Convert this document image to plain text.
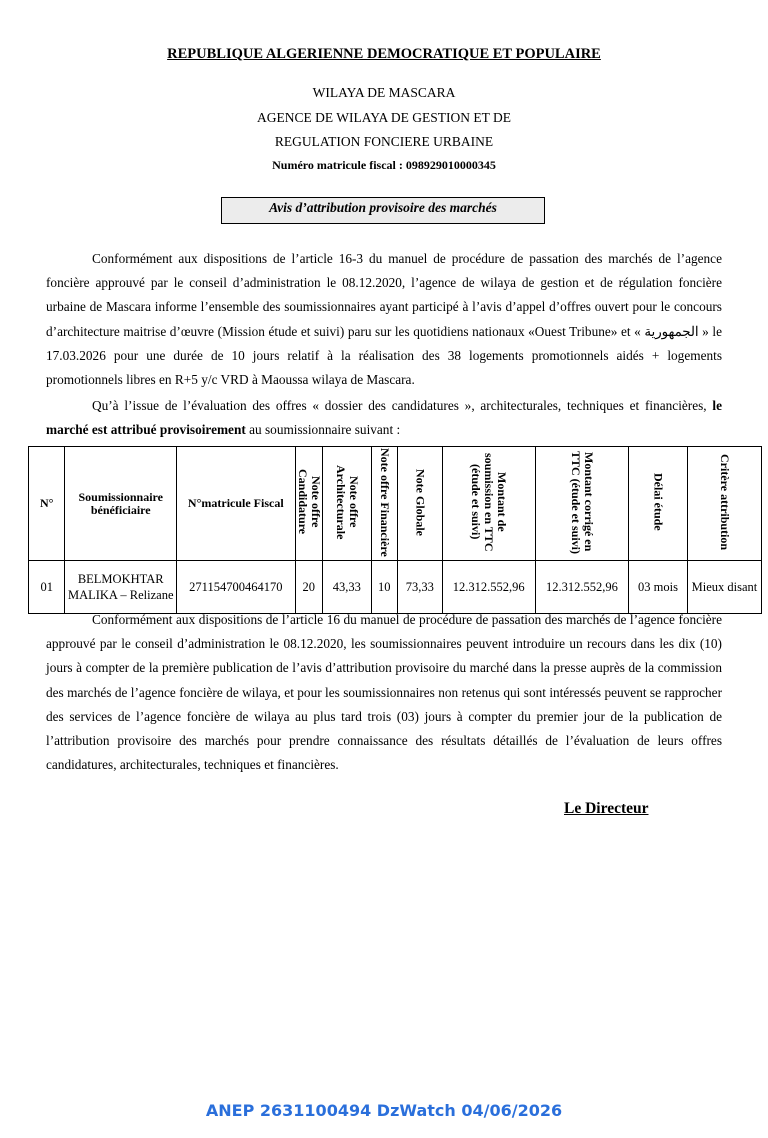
REPUBLIQUE ALGERIENNE DEMOCRATIQUE ET POPULAIRE
WILAYA DE MASCARA
AGENCE DE WILAYA DE GESTION ET DE
REGULATION FONCIERE URBAINE
Numéro matricule fiscal : 098929010000345
Avis d’attribution provisoire des marchés

Conformément aux dispositions de l’article 16-3 du manuel de procédure de passation des marchés de l’agence foncière approuvé par le conseil d’administration le 08.12.2020, l’agence de wilaya de gestion et de régulation foncière urbaine de Mascara informe l’ensemble des soumissionnaires ayant participé à l’avis d’appel d’offres ouvert pour le concours d’architecture maitrise d’œuvre (Mission étude et suivi) paru sur les quotidiens nationaux «Ouest Tribune» et « الجمهورية » le 17.03.2026 pour une durée de 10 jours relatif à la réalisation des 38 logements promotionnels aidés + logements promotionnels libres en R+5 y/c VRD à Maoussa wilaya de Mascara.

Qu’à l’issue de l’évaluation des offres « dossier des candidatures », architecturales, techniques et financières, le marché est attribué provisoirement au soumissionnaire suivant :

N°	Soumissionnaire bénéficiaire	N°matricule Fiscal	Note offre Candidature	Note offre Architecturale	Note offre Financière	Note Globale	Montant de soumission en TTC (étude et suivi)	Montant corrigé en TTC (étude et suivi)	Délai étude	Critère attribution
01	BELMOKHTAR MALIKA – Relizane	271154700464170	20	43,33	10	73,33	12.312.552,96	12.312.552,96	03 mois	Mieux disant

Conformément aux dispositions de l’article 16 du manuel de procédure de passation des marchés de l’agence foncière approuvé par le conseil d’administration le 08.12.2020, les soumissionnaires peuvent introduire un recours dans les dix (10) jours à compter de la première publication de l’avis d’attribution provisoire du marché dans la presse auprès de la commission des marchés de l’agence foncière de wilaya, et pour les soumissionnaires non retenus qui sont intéressés peuvent se rapprocher des services de l’agence foncière de wilaya au plus tard trois (03) jours à compter du premier jour de la publication de l’attribution provisoire des marchés pour prendre connaissance des résultats détaillés de l’évaluation de leurs offres candidatures, architecturales, techniques et financières.

Le Directeur
ANEP 2631100494 DzWatch 04/06/2026
